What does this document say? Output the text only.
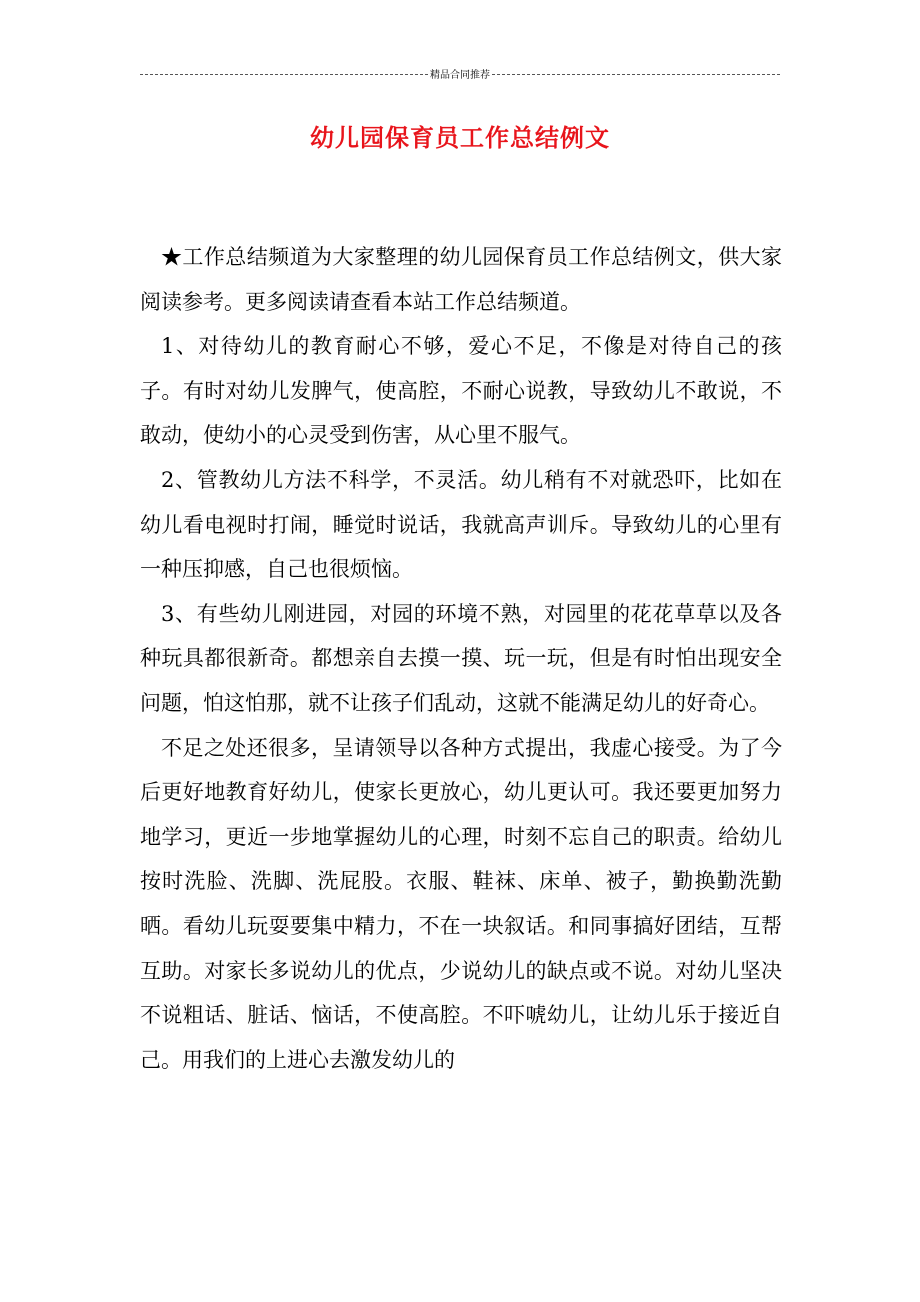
精品合同推荐
幼儿园保育员工作总结例文

★工作总结频道为大家整理的幼儿园保育员工作总结例文，供大家阅读参考。更多阅读请查看本站工作总结频道。

1、对待幼儿的教育耐心不够，爱心不足，不像是对待自己的孩子。有时对幼儿发脾气，使高腔，不耐心说教，导致幼儿不敢说，不敢动，使幼小的心灵受到伤害，从心里不服气。

2、管教幼儿方法不科学，不灵活。幼儿稍有不对就恐吓，比如在幼儿看电视时打闹，睡觉时说话，我就高声训斥。导致幼儿的心里有一种压抑感，自己也很烦恼。

3、有些幼儿刚进园，对园的环境不熟，对园里的花花草草以及各种玩具都很新奇。都想亲自去摸一摸、玩一玩，但是有时怕出现安全问题，怕这怕那，就不让孩子们乱动，这就不能满足幼儿的好奇心。

不足之处还很多，呈请领导以各种方式提出，我虚心接受。为了今后更好地教育好幼儿，使家长更放心，幼儿更认可。我还要更加努力地学习，更近一步地掌握幼儿的心理，时刻不忘自己的职责。给幼儿按时洗脸、洗脚、洗屁股。衣服、鞋袜、床单、被子，勤换勤洗勤晒。看幼儿玩耍要集中精力，不在一块叙话。和同事搞好团结，互帮互助。对家长多说幼儿的优点，少说幼儿的缺点或不说。对幼儿坚决不说粗话、脏话、恼话，不使高腔。不吓唬幼儿，让幼儿乐于接近自己。用我们的上进心去激发幼儿的
